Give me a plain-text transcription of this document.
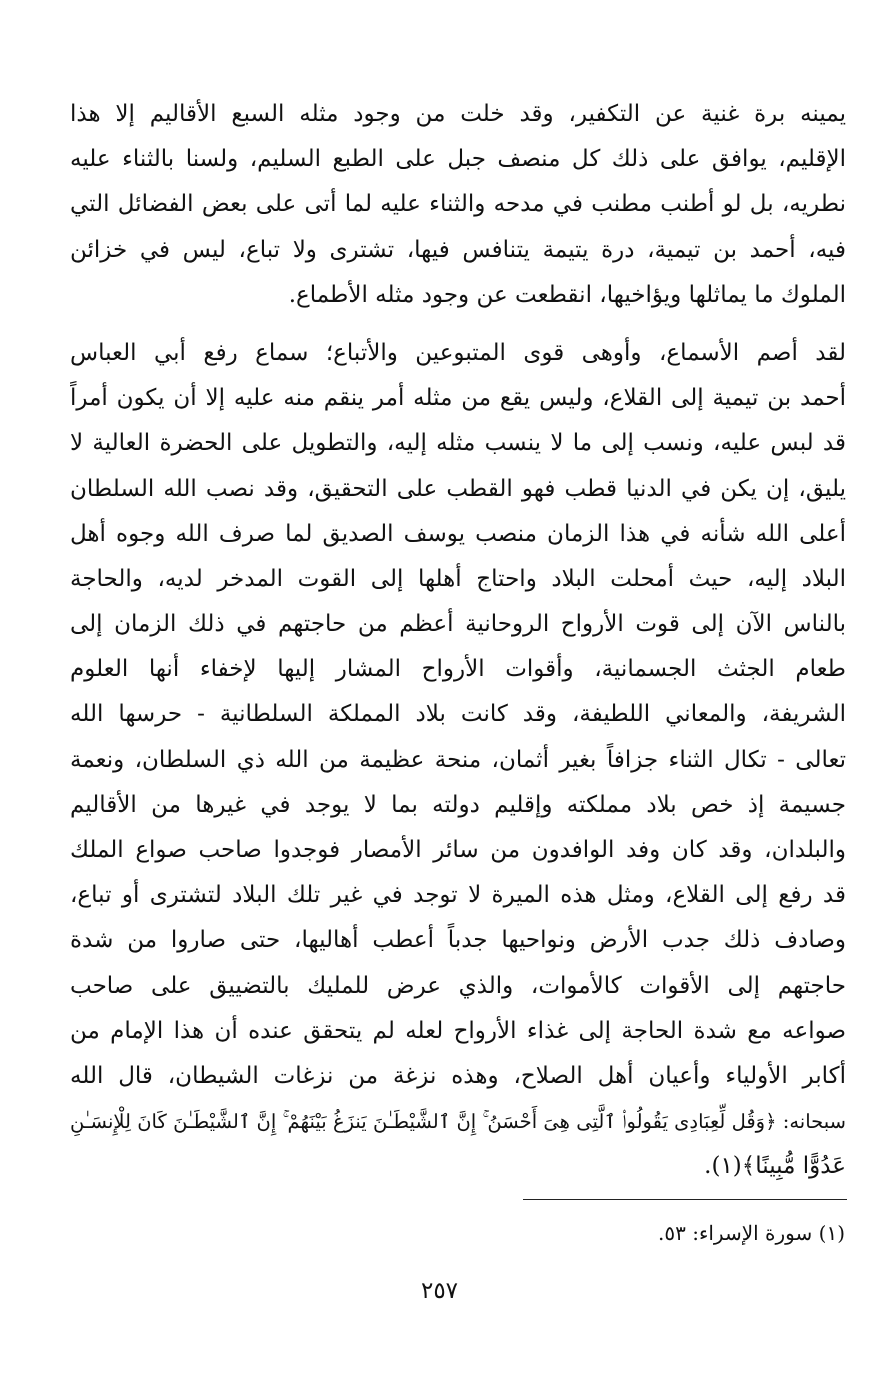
يمينه برة غنية عن التكفير، وقد خلت من وجود مثله السبع الأقاليم إلا هذا
الإقليم، يوافق على ذلك كل منصف جبل على الطبع السليم، ولسنا بالثناء عليه
نطريه، بل لو أطنب مطنب في مدحه والثناء عليه لما أتى على بعض الفضائل التي
فيه، أحمد بن تيمية، درة يتيمة يتنافس فيها، تشترى ولا تباع، ليس في خزائن
الملوك ما يماثلها ويؤاخيها، انقطعت عن وجود مثله الأطماع.
لقد أصم الأسماع، وأوهى قوى المتبوعين والأتباع؛ سماع رفع أبي العباس
أحمد بن تيمية إلى القلاع، وليس يقع من مثله أمر ينقم منه عليه إلا أن يكون أمراً
قد لبس عليه، ونسب إلى ما لا ينسب مثله إليه، والتطويل على الحضرة العالية لا
يليق، إن يكن في الدنيا قطب فهو القطب على التحقيق، وقد نصب الله السلطان
أعلى الله شأنه في هذا الزمان منصب يوسف الصديق لما صرف الله وجوه أهل
البلاد إليه، حيث أمحلت البلاد واحتاج أهلها إلى القوت المدخر لديه، والحاجة
بالناس الآن إلى قوت الأرواح الروحانية أعظم من حاجتهم في ذلك الزمان إلى
طعام الجثث الجسمانية، وأقوات الأرواح المشار إليها لإخفاء أنها العلوم
الشريفة، والمعاني اللطيفة، وقد كانت بلاد المملكة السلطانية - حرسها الله
تعالى - تكال الثناء جزافاً بغير أثمان، منحة عظيمة من الله ذي السلطان، ونعمة
جسيمة إذ خص بلاد مملكته وإقليم دولته بما لا يوجد في غيرها من الأقاليم
والبلدان، وقد كان وفد الوافدون من سائر الأمصار فوجدوا صاحب صواع الملك
قد رفع إلى القلاع، ومثل هذه الميرة لا توجد في غير تلك البلاد لتشترى أو تباع،
وصادف ذلك جدب الأرض ونواحيها جدباً أعطب أهاليها، حتى صاروا من شدة
حاجتهم إلى الأقوات كالأموات، والذي عرض للمليك بالتضييق على صاحب
صواعه مع شدة الحاجة إلى غذاء الأرواح لعله لم يتحقق عنده أن هذا الإمام من
أكابر الأولياء وأعيان أهل الصلاح، وهذه نزغة من نزغات الشيطان، قال الله
سبحانه: ﴿وَقُل لِّعِبَادِى يَقُولُوا۟ ٱلَّتِى هِىَ أَحْسَنُ ۚ إِنَّ ٱلشَّيْطَـٰنَ يَنزَغُ بَيْنَهُمْ ۚ إِنَّ ٱلشَّيْطَـٰنَ كَانَ لِلْإِنسَـٰنِ
عَدُوًّا مُّبِينًا﴾(١).
(١) سورة الإسراء: ٥٣.
٢٥٧
